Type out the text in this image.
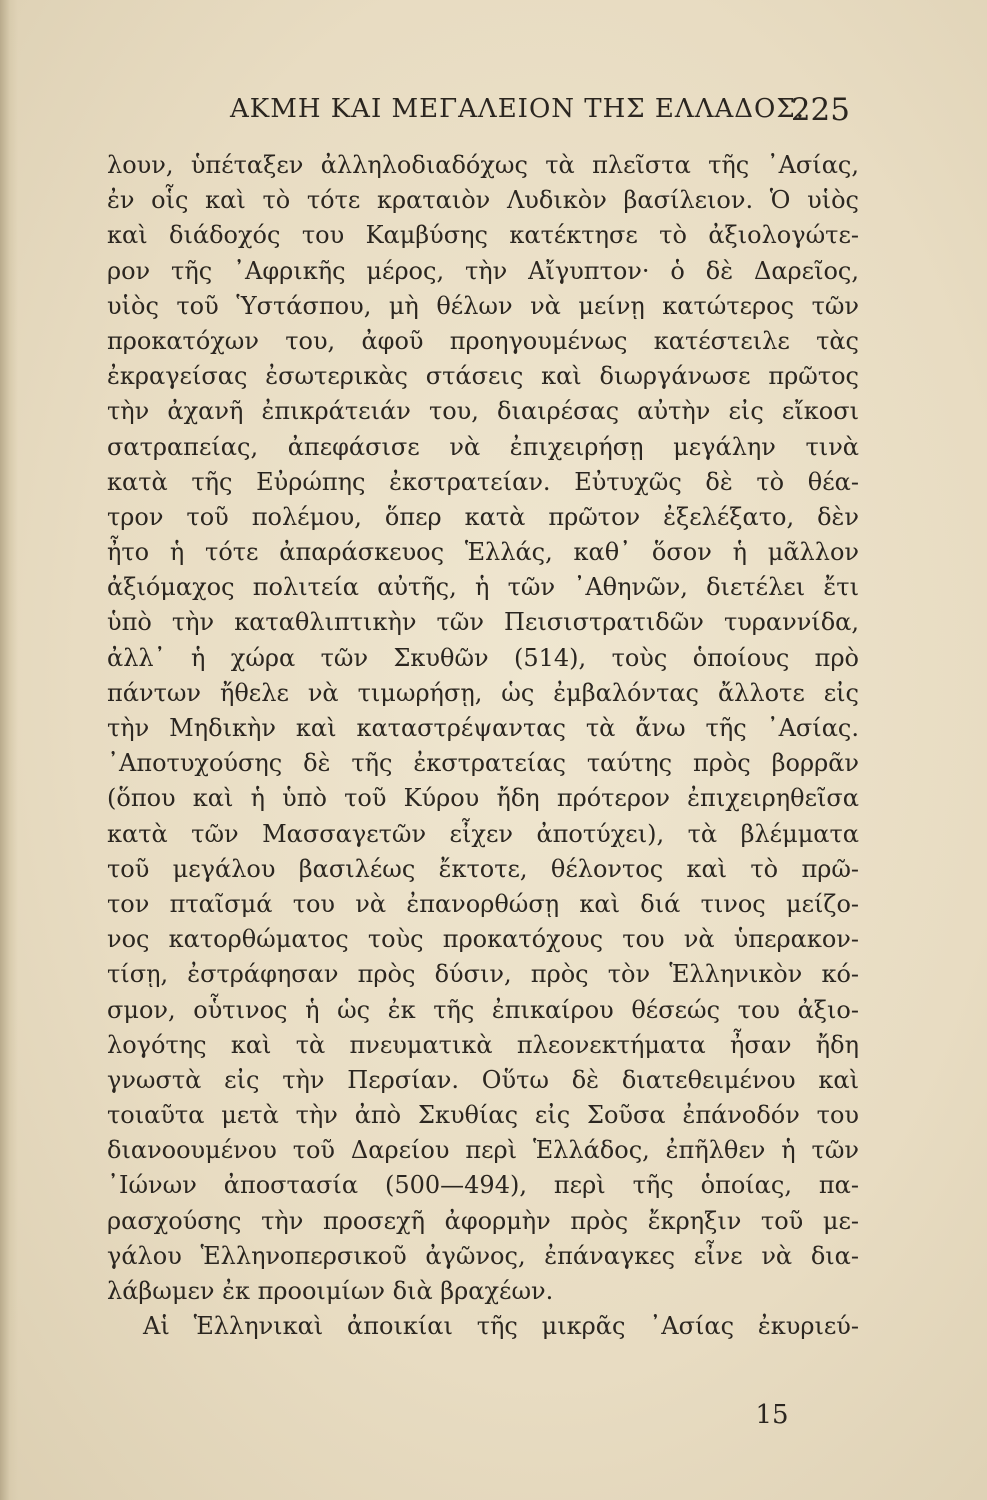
ΑΚΜΗ ΚΑΙ ΜΕΓΑΛΕΙΟΝ ΤΗΣ ΕΛΛΑΔΟΣ.
225
λουν, ὑπέταξεν ἀλληλοδιαδόχως τὰ πλεῖστα τῆς ᾿Ασίας,
ἐν οἷς καὶ τὸ τότε κραταιὸν Λυδικὸν βασίλειον. Ὁ υἱὸς
καὶ διάδοχός του Καμβύσης κατέκτησε τὸ ἀξιολογώτε-
ρον τῆς ᾿Αφρικῆς μέρος, τὴν Αἴγυπτον· ὁ δὲ Δαρεῖος,
υἱὸς τοῦ Ὑστάσπου, μὴ θέλων νὰ μείνῃ κατώτερος τῶν
προκατόχων του, ἀφοῦ προηγουμένως κατέστειλε τὰς
ἐκραγείσας ἐσωτερικὰς στάσεις καὶ διωργάνωσε πρῶτος
τὴν ἀχανῆ ἐπικράτειάν του, διαιρέσας αὐτὴν εἰς εἴκοσι
σατραπείας, ἀπεφάσισε νὰ ἐπιχειρήσῃ μεγάλην τινὰ
κατὰ τῆς Εὐρώπης ἐκστρατείαν. Εὐτυχῶς δὲ τὸ θέα-
τρον τοῦ πολέμου, ὅπερ κατὰ πρῶτον ἐξελέξατο, δὲν
ἦτο ἡ τότε ἀπαράσκευος Ἑλλάς, καθ᾿ ὅσον ἡ μᾶλλον
ἀξιόμαχος πολιτεία αὐτῆς, ἡ τῶν ᾿Αθηνῶν, διετέλει ἔτι
ὑπὸ τὴν καταθλιπτικὴν τῶν Πεισιστρατιδῶν τυραννίδα,
ἀλλ᾿ ἡ χώρα τῶν Σκυθῶν (514), τοὺς ὁποίους πρὸ
πάντων ἤθελε νὰ τιμωρήσῃ, ὡς ἐμβαλόντας ἄλλοτε εἰς
τὴν Μηδικὴν καὶ καταστρέψαντας τὰ ἄνω τῆς ᾿Ασίας.
᾿Αποτυχούσης δὲ τῆς ἐκστρατείας ταύτης πρὸς βορρᾶν
(ὅπου καὶ ἡ ὑπὸ τοῦ Κύρου ἤδη πρότερον ἐπιχειρηθεῖσα
κατὰ τῶν Μασσαγετῶν εἶχεν ἀποτύχει), τὰ βλέμματα
τοῦ μεγάλου βασιλέως ἔκτοτε, θέλοντος καὶ τὸ πρῶ-
τον πταῖσμά του νὰ ἐπανορθώσῃ καὶ διά τινος μείζο-
νος κατορθώματος τοὺς προκατόχους του νὰ ὑπερακον-
τίσῃ, ἐστράφησαν πρὸς δύσιν, πρὸς τὸν Ἑλληνικὸν κό-
σμον, οὗτινος ἡ ὡς ἐκ τῆς ἐπικαίρου θέσεώς του ἀξιο-
λογότης καὶ τὰ πνευματικὰ πλεονεκτήματα ἦσαν ἤδη
γνωστὰ εἰς τὴν Περσίαν. Οὕτω δὲ διατεθειμένου καὶ
τοιαῦτα μετὰ τὴν ἀπὸ Σκυθίας εἰς Σοῦσα ἐπάνοδόν του
διανοουμένου τοῦ Δαρείου περὶ Ἑλλάδος, ἐπῆλθεν ἡ τῶν
᾿Ιώνων ἀποστασία (500—494), περὶ τῆς ὁποίας, πα-
ρασχούσης τὴν προσεχῆ ἀφορμὴν πρὸς ἔκρηξιν τοῦ με-
γάλου Ἑλληνοπερσικοῦ ἀγῶνος, ἐπάναγκες εἶνε νὰ δια-
λάβωμεν ἐκ προοιμίων διὰ βραχέων.
Αἱ Ἑλληνικαὶ ἀποικίαι τῆς μικρᾶς ᾿Ασίας ἐκυριεύ-
15
